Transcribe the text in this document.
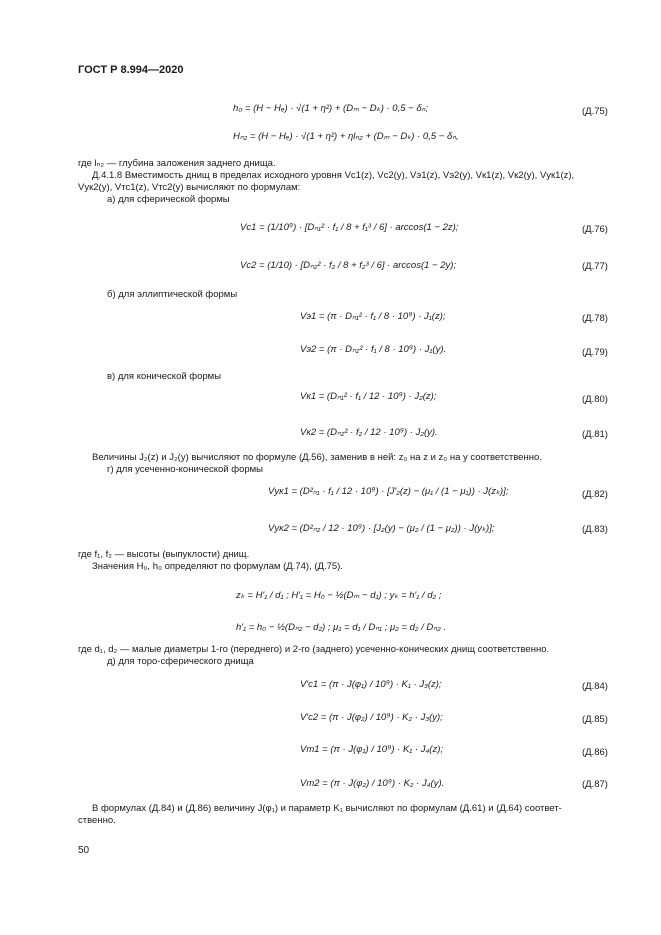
ГОСТ Р 8.994—2020
h₀ = (H − Hₑ) · √(1 + η²) + (Dₘ − Dₖ) · 0,5 − δₙ;	(Д.75)
Hₙ₂ = (H − Hₑ) · √(1 + η²) + ηlₙ₂ + (Dₘ − Dₖ) · 0,5 − δₙ,
где lₙ₂ — глубина заложения заднего днища.
Д.4.1.8 Вместимость днищ в пределах исходного уровня Vс1(z), Vс2(y), Vэ1(z), Vэ2(y), Vк1(z), Vк2(y), Vук1(z),
Vук2(y), Vтс1(z), Vтс2(y) вычисляют по формулам:
а) для сферической формы
Vс1 = (1/10⁹) · [Dₙ₁² · f₁ / 8 + f₁³ / 6] · arccos(1 − 2z);	(Д.76)
Vс2 = (1/10) · [Dₙ₂² · f₂ / 8 + f₂³ / 6] · arccos(1 − 2y);	(Д.77)
б) для эллиптической формы
Vэ1 = (π · Dₙ₁² · f₁ / 8 · 10⁹) · J₁(z);	(Д.78)
Vэ2 = (π · Dₙ₂² · f₁ / 8 · 10⁹) · J₁(y).	(Д.79)
в) для конической формы
Vк1 = (Dₙ₁² · f₁ / 12 · 10⁹) · J₂(z);	(Д.80)
Vк2 = (Dₙ₂² · f₂ / 12 · 10⁹) · J₂(y).	(Д.81)
Величины J₂(z) и J₂(y) вычисляют по формуле (Д.56), заменив в ней: z₀ на z и z₀ на y соответственно.
г) для усеченно-конической формы
Vук1 = (D²ₙ₁ · f₁ / 12 · 10⁹) · [J′₂(z) − (μ₁ / (1 − μ₁)) · J(zₖ)];	(Д.82)
Vук2 = (D²ₙ₂ / 12 · 10⁹) · [J₂(y) − (μ₂ / (1 − μ₂)) · J(yₖ)];	(Д.83)
где f₁, f₂ — высоты (выпуклости) днищ.
Значения H₀, h₀ определяют по формулам (Д.74), (Д.75).
zₖ = H′₁ / d₁ ; H′₁ = H₀ − ½(Dₘ − d₁) ; yₖ = h′₁ / d₂ ;
h′₁ = h₀ − ½(Dₙ₂ − d₂) ; μ₁ = d₁ / Dₙ₁ ; μ₂ = d₂ / Dₙ₂ .
где d₁, d₂ — малые диаметры 1-го (переднего) и 2-го (заднего) усеченно-конических днищ соответственно.
д) для торо-сферического днища
V′с1 = (π · J(φ₁) / 10⁹) · K₁ · J₃(z);	(Д.84)
V′с2 = (π · J(φ₂) / 10⁹) · K₂ · J₃(y);	(Д.85)
Vт1 = (π · J(φ₁) / 10⁹) · K₁ · J₄(z);	(Д.86)
Vт2 = (π · J(φ₂) / 10⁹) · K₂ · J₄(y).	(Д.87)
В формулах (Д.84) и (Д.86) величину J(φ₁) и параметр K₁ вычисляют по формулам (Д.61) и (Д.64) соответ-
ственно.
50
